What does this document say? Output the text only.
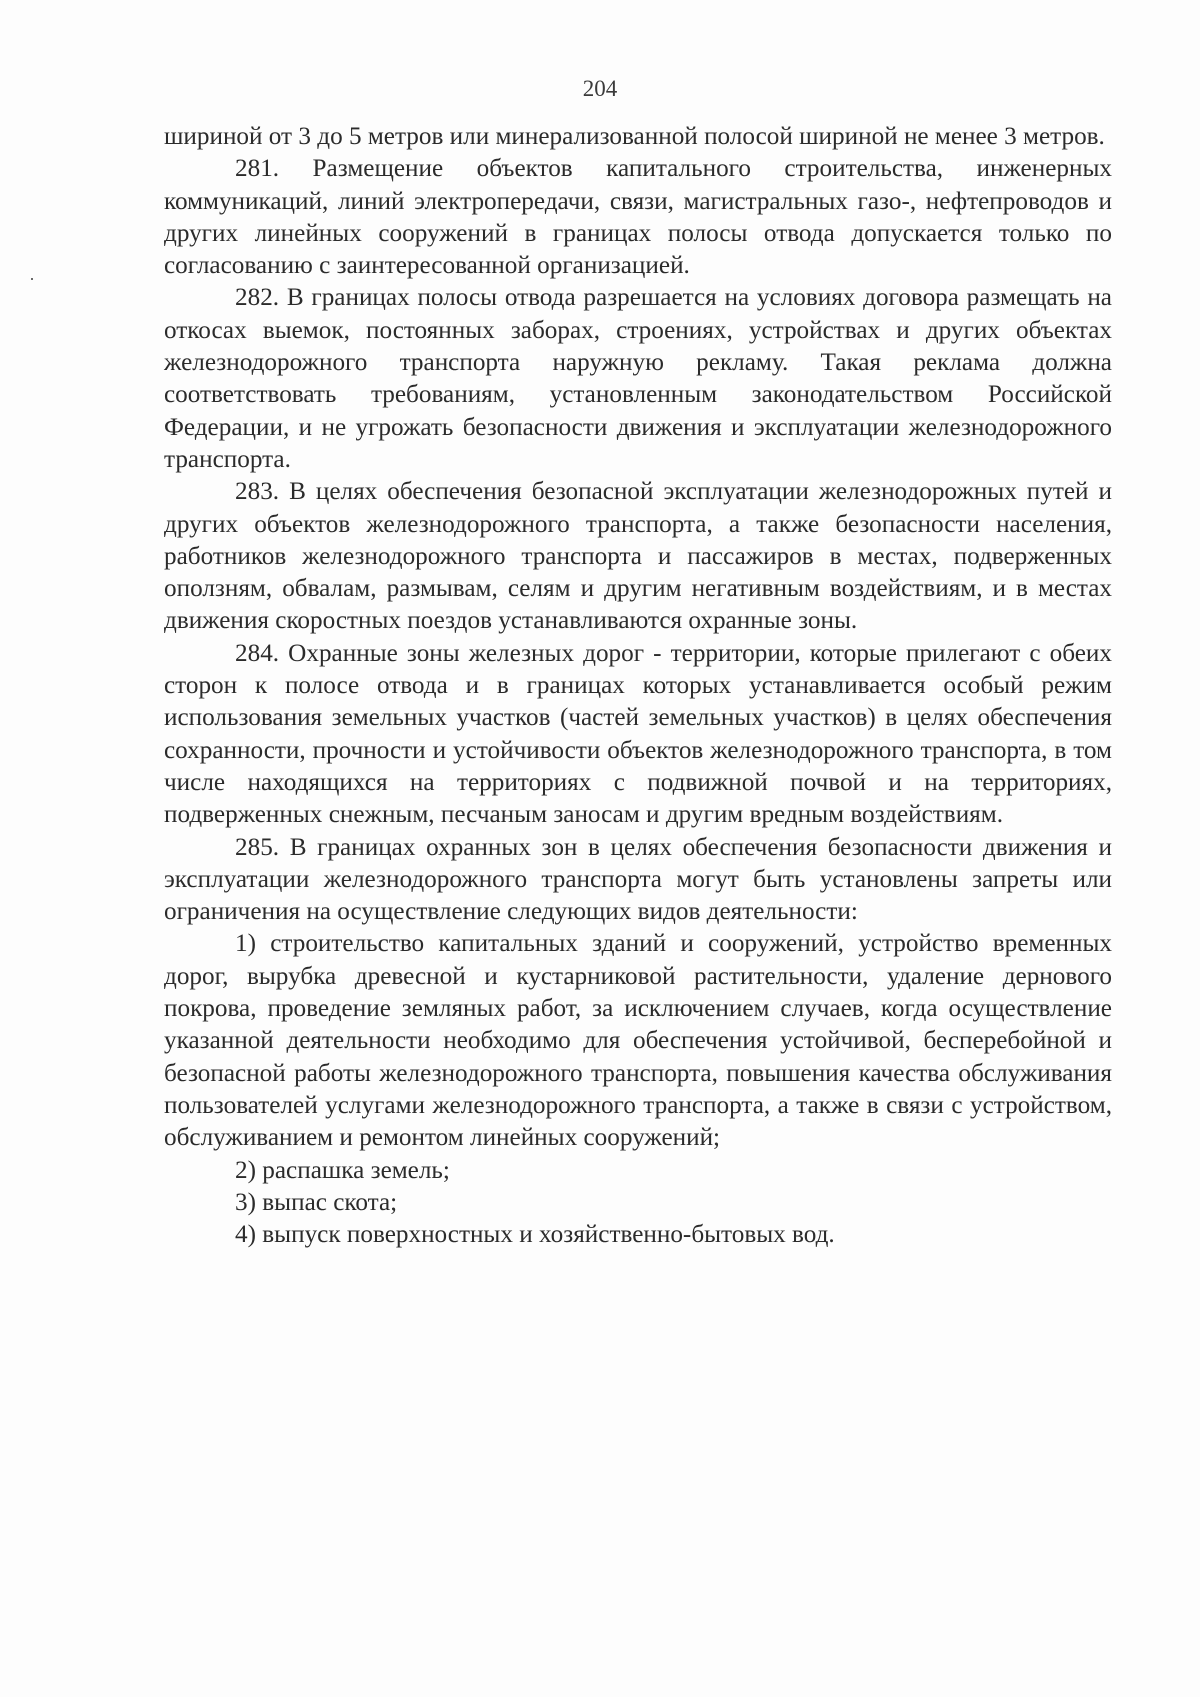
204

шириной от 3 до 5 метров или минерализованной полосой шириной не менее 3 метров.

281. Размещение объектов капитального строительства, инженерных коммуникаций, линий электропередачи, связи, магистральных газо-, нефтепроводов и других линейных сооружений в границах полосы отвода допускается только по согласованию с заинтересованной организацией.

282. В границах полосы отвода разрешается на условиях договора размещать на откосах выемок, постоянных заборах, строениях, устройствах и других объектах железнодорожного транспорта наружную рекламу. Такая реклама должна соответствовать требованиям, установленным законодательством Российской Федерации, и не угрожать безопасности движения и эксплуатации железнодорожного транспорта.

283. В целях обеспечения безопасной эксплуатации железнодорожных путей и других объектов железнодорожного транспорта, а также безопасности населения, работников железнодорожного транспорта и пассажиров в местах, подверженных оползням, обвалам, размывам, селям и другим негативным воздействиям, и в местах движения скоростных поездов устанавливаются охранные зоны.

284. Охранные зоны железных дорог - территории, которые прилегают с обеих сторон к полосе отвода и в границах которых устанавливается особый режим использования земельных участков (частей земельных участков) в целях обеспечения сохранности, прочности и устойчивости объектов железнодорожного транспорта, в том числе находящихся на территориях с подвижной почвой и на территориях, подверженных снежным, песчаным заносам и другим вредным воздействиям.

285. В границах охранных зон в целях обеспечения безопасности движения и эксплуатации железнодорожного транспорта могут быть установлены запреты или ограничения на осуществление следующих видов деятельности:

1) строительство капитальных зданий и сооружений, устройство временных дорог, вырубка древесной и кустарниковой растительности, удаление дернового покрова, проведение земляных работ, за исключением случаев, когда осуществление указанной деятельности необходимо для обеспечения устойчивой, бесперебойной и безопасной работы железнодорожного транспорта, повышения качества обслуживания пользователей услугами железнодорожного транспорта, а также в связи с устройством, обслуживанием и ремонтом линейных сооружений;

2) распашка земель;

3) выпас скота;

4) выпуск поверхностных и хозяйственно-бытовых вод.
